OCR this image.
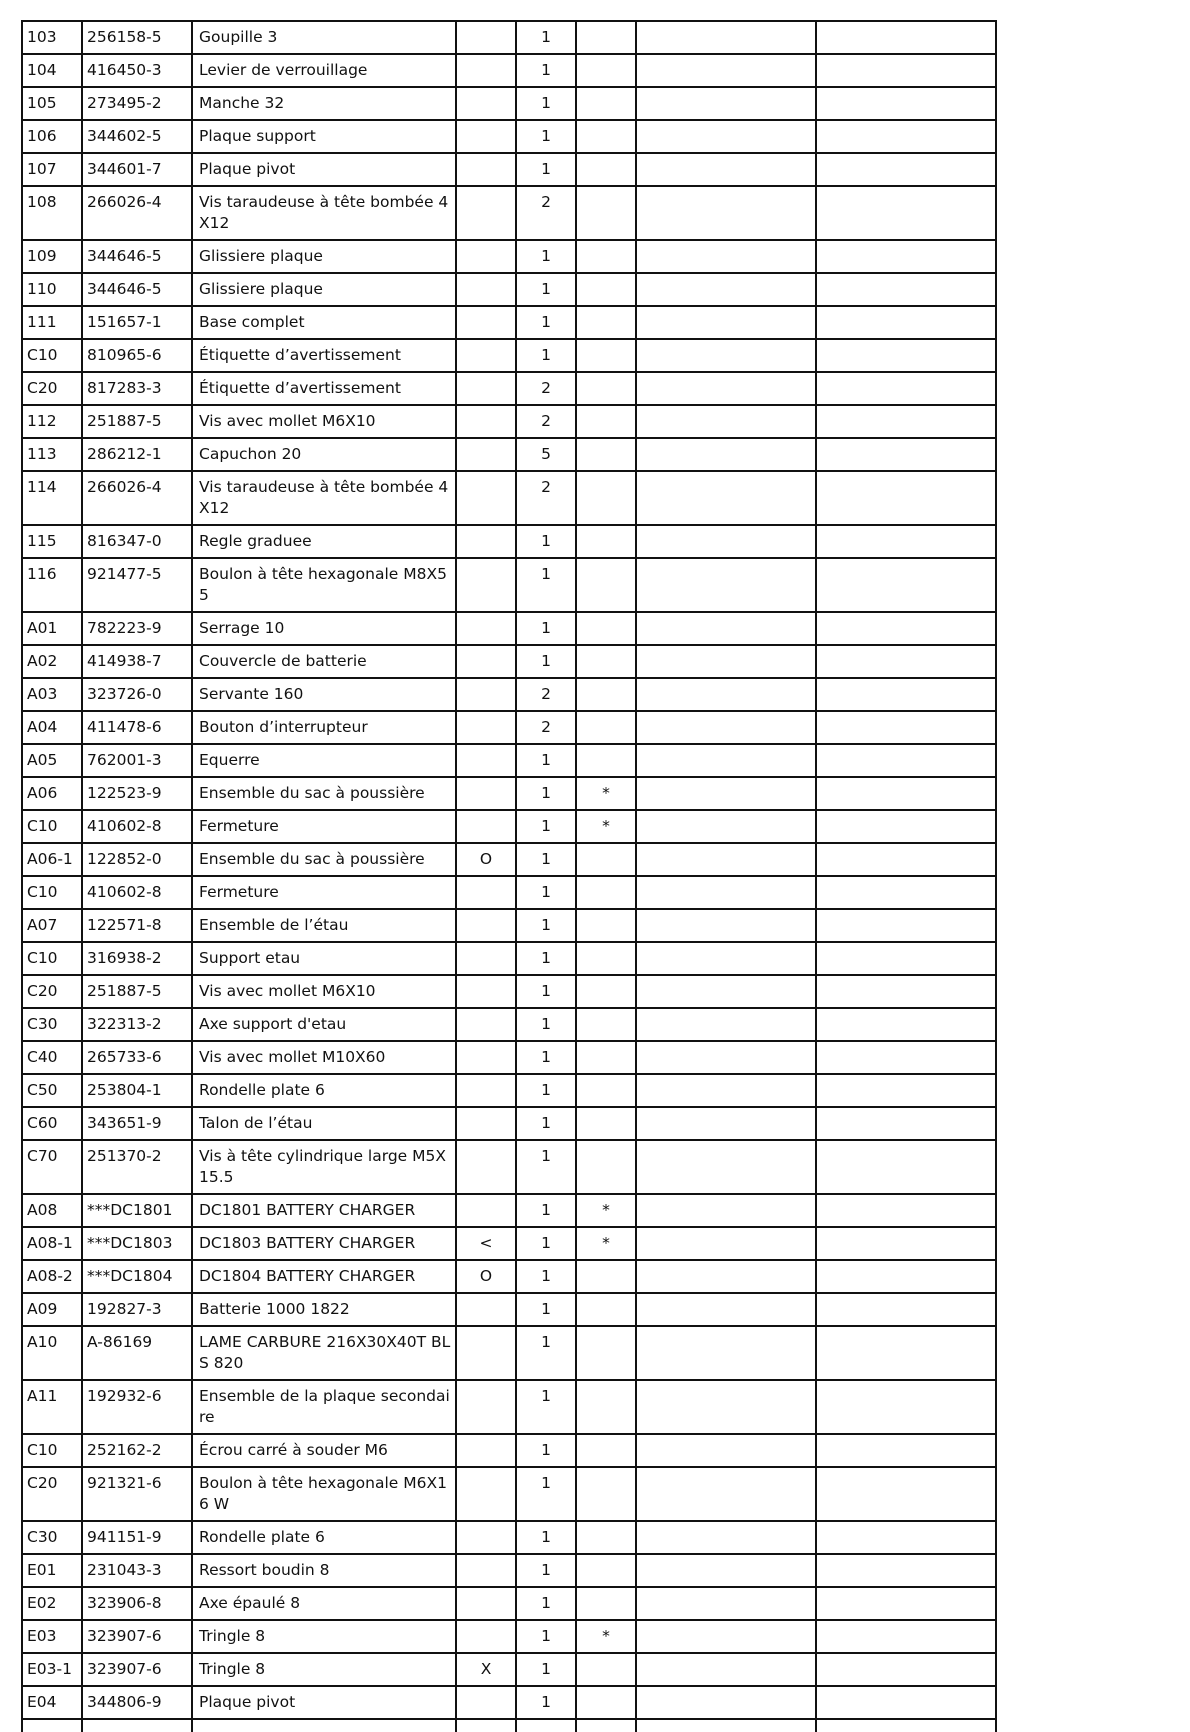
103	256158-5	Goupille 3		1			
104	416450-3	Levier de verrouillage		1			
105	273495-2	Manche 32		1			
106	344602-5	Plaque support		1			
107	344601-7	Plaque pivot		1			
108	266026-4	Vis taraudeuse à tête bombée 4X12		2			
109	344646-5	Glissiere plaque		1			
110	344646-5	Glissiere plaque		1			
111	151657-1	Base complet		1			
C10	810965-6	Étiquette d’avertissement		1			
C20	817283-3	Étiquette d’avertissement		2			
112	251887-5	Vis avec mollet M6X10		2			
113	286212-1	Capuchon 20		5			
114	266026-4	Vis taraudeuse à tête bombée 4X12		2			
115	816347-0	Regle graduee		1			
116	921477-5	Boulon à tête hexagonale M8X55		1			
A01	782223-9	Serrage 10		1			
A02	414938-7	Couvercle de batterie		1			
A03	323726-0	Servante 160		2			
A04	411478-6	Bouton d’interrupteur		2			
A05	762001-3	Equerre		1			
A06	122523-9	Ensemble du sac à poussière		1	*		
C10	410602-8	Fermeture		1	*		
A06-1	122852-0	Ensemble du sac à poussière	O	1			
C10	410602-8	Fermeture		1			
A07	122571-8	Ensemble de l’étau		1			
C10	316938-2	Support etau		1			
C20	251887-5	Vis avec mollet M6X10		1			
C30	322313-2	Axe support d'etau		1			
C40	265733-6	Vis avec mollet M10X60		1			
C50	253804-1	Rondelle plate 6		1			
C60	343651-9	Talon de l’étau		1			
C70	251370-2	Vis à tête cylindrique large M5X15.5		1			
A08	***DC1801	DC1801 BATTERY CHARGER		1	*		
A08-1	***DC1803	DC1803 BATTERY CHARGER	<	1	*		
A08-2	***DC1804	DC1804 BATTERY CHARGER	O	1			
A09	192827-3	Batterie 1000 1822		1			
A10	A-86169	LAME CARBURE 216X30X40T BLS 820		1			
A11	192932-6	Ensemble de la plaque secondaire		1			
C10	252162-2	Écrou carré à souder M6		1			
C20	921321-6	Boulon à tête hexagonale M6X16 W		1			
C30	941151-9	Rondelle plate 6		1			
E01	231043-3	Ressort boudin 8		1			
E02	323906-8	Axe épaulé 8		1			
E03	323907-6	Tringle 8		1	*		
E03-1	323907-6	Tringle 8	X	1			
E04	344806-9	Plaque pivot		1			
